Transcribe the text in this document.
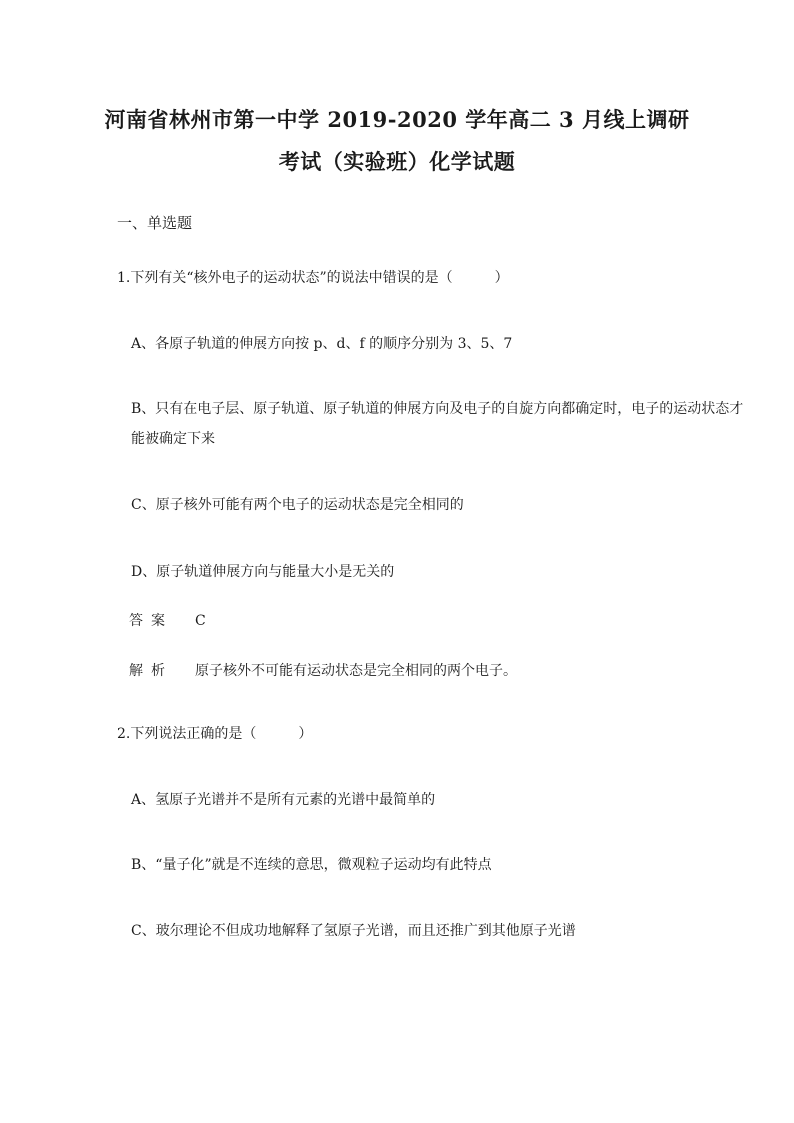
河南省林州市第一中学 2019-2020 学年高二 3 月线上调研
考试（实验班）化学试题
一、单选题
1.下列有关“核外电子的运动状态”的说法中错误的是（　　　）
A、各原子轨道的伸展方向按 p、d、f 的顺序分别为 3、5、7
B、只有在电子层、原子轨道、原子轨道的伸展方向及电子的自旋方向都确定时，电子的运动状态才
能被确定下来
C、原子核外可能有两个电子的运动状态是完全相同的
D、原子轨道伸展方向与能量大小是无关的
答案 C
解析 原子核外不可能有运动状态是完全相同的两个电子。
2.下列说法正确的是（　　　）
A、氢原子光谱并不是所有元素的光谱中最简单的
B、“量子化”就是不连续的意思，微观粒子运动均有此特点
C、玻尔理论不但成功地解释了氢原子光谱，而且还推广到其他原子光谱
